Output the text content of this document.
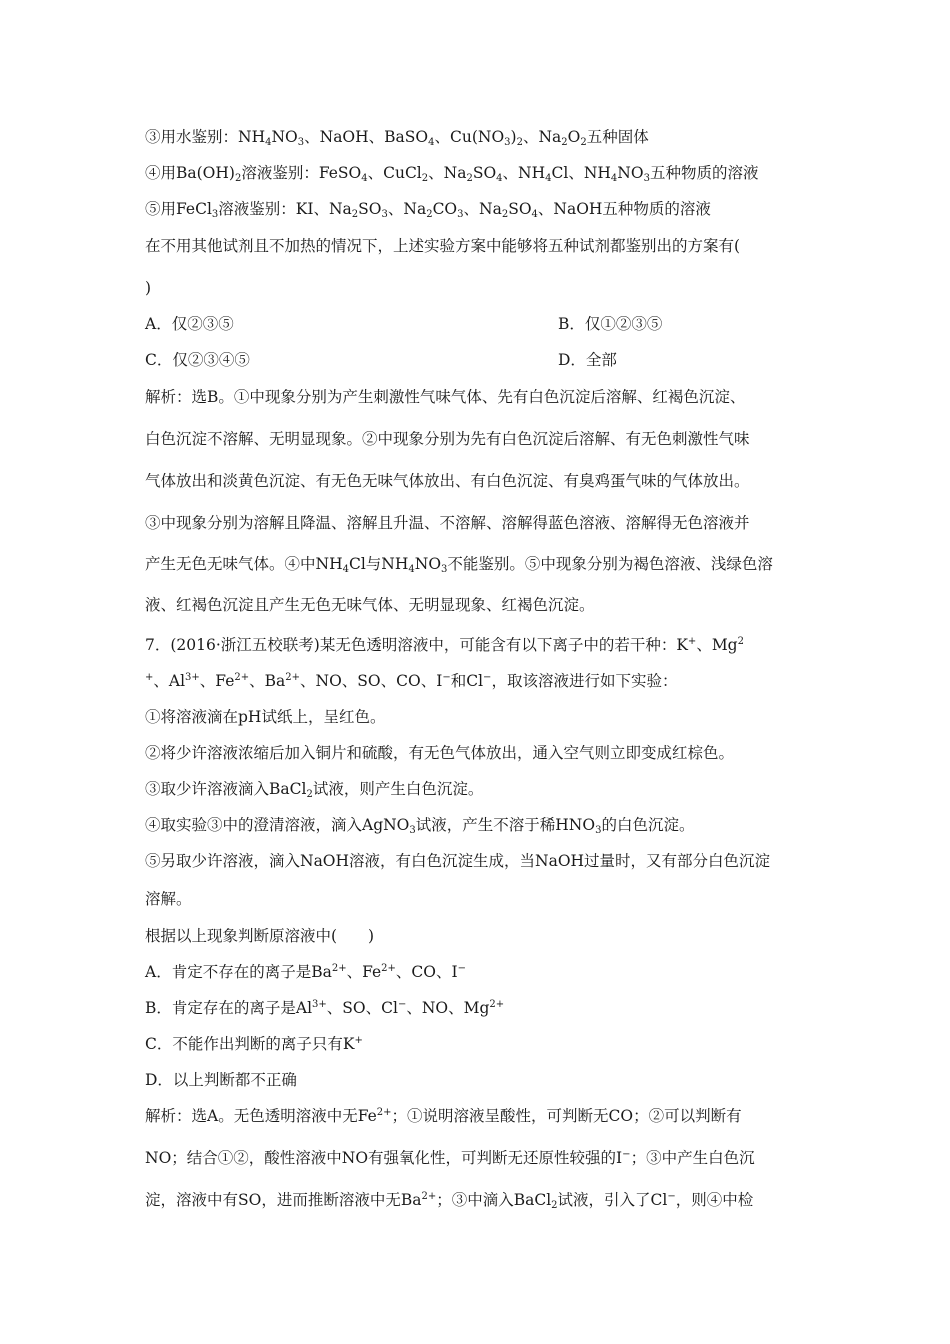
③用水鉴别：$NH_4NO_3$、NaOH、BaSO$_4$、$Cu(NO_3)_2$、$Na_2O_2$五种固体
④用$Ba(OH)_2$溶液鉴别：FeSO$_4$、CuCl$_2$、$Na_2SO_4$、$NH_4Cl$、$NH_4NO_3$五种物质的溶液
⑤用FeCl$_3$溶液鉴别：KI、$Na_2SO_3$、$Na_2CO_3$、$Na_2SO_4$、NaOH五种物质的溶液
在不用其他试剂且不加热的情况下，上述实验方案中能够将五种试剂都鉴别出的方案有(
)
A．仅②③⑤	B．仅①②③⑤
C．仅②③④⑤	D．全部
解析：选B。①中现象分别为产生刺激性气味气体、先有白色沉淀后溶解、红褐色沉淀、
白色沉淀不溶解、无明显现象。②中现象分别为先有白色沉淀后溶解、有无色刺激性气味
气体放出和淡黄色沉淀、有无色无味气体放出、有白色沉淀、有臭鸡蛋气味的气体放出。
③中现象分别为溶解且降温、溶解且升温、不溶解、溶解得蓝色溶液、溶解得无色溶液并
产生无色无味气体。④中$NH_4Cl$与$NH_4NO_3$不能鉴别。⑤中现象分别为褐色溶液、浅绿色溶
液、红褐色沉淀且产生无色无味气体、无明显现象、红褐色沉淀。
7．(2016·浙江五校联考)某无色透明溶液中，可能含有以下离子中的若干种：K+、Mg$^2$
+、$Al^{3+}$、$Fe^{2+}$、$Ba^{2+}$、NO、SO、CO、I−和Cl−，取该溶液进行如下实验：
①将溶液滴在pH试纸上，呈红色。
②将少许溶液浓缩后加入铜片和硫酸，有无色气体放出，通入空气则立即变成红棕色。
③取少许溶液滴入BaCl$_2$试液，则产生白色沉淀。
④取实验③中的澄清溶液，滴入AgNO$_3$试液，产生不溶于稀$HNO_3$的白色沉淀。
⑤另取少许溶液，滴入NaOH溶液，有白色沉淀生成，当NaOH过量时，又有部分白色沉淀
溶解。
根据以上现象判断原溶液中(　　)
A．肯定不存在的离子是$Ba^{2+}$、$Fe^{2+}$、CO、I−
B．肯定存在的离子是$Al^{3+}$、SO、Cl−、NO、$Mg^{2+}$
C．不能作出判断的离子只有K+
D．以上判断都不正确
解析：选A。无色透明溶液中无$Fe^{2+}$；①说明溶液呈酸性，可判断无CO；②可以判断有
NO；结合①②，酸性溶液中NO有强氧化性，可判断无还原性较强的I−；③中产生白色沉
淀，溶液中有SO，进而推断溶液中无$Ba^{2+}$；③中滴入BaCl$_2$试液，引入了Cl−，则④中检
